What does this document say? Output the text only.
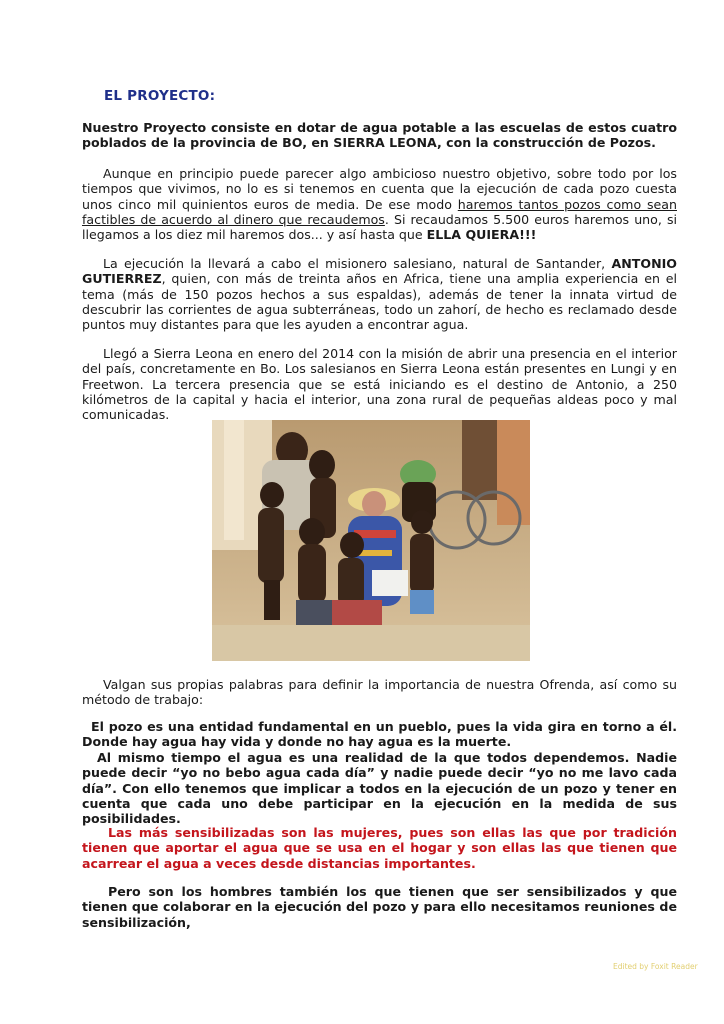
EL PROYECTO:

Nuestro Proyecto consiste en dotar de agua potable a las escuelas de estos cuatro poblados de la provincia de BO, en SIERRA LEONA, con la construcción de Pozos.

Aunque en principio puede parecer algo ambicioso nuestro objetivo, sobre todo por los tiempos que vivimos, no lo es si tenemos en cuenta que la ejecución de cada pozo cuesta unos cinco mil quinientos euros de media. De ese modo haremos tantos pozos como sean factibles de acuerdo al dinero que recaudemos. Si recaudamos 5.500 euros haremos uno, si llegamos a los diez mil haremos dos... y así hasta que ELLA QUIERA!!!

La ejecución la llevará a cabo el misionero salesiano, natural de Santander, ANTONIO GUTIERREZ, quien, con más de treinta años en Africa, tiene una amplia experiencia en el tema (más de 150 pozos hechos a sus espaldas), además de tener la innata virtud de descubrir las corrientes de agua subterráneas, todo un zahorí, de hecho es reclamado desde puntos muy distantes para que les ayuden a encontrar agua.

Llegó a Sierra Leona en enero del 2014 con la misión de abrir una presencia en el interior del país, concretamente en Bo. Los salesianos en Sierra Leona están presentes en Lungi y en Freetwon. La tercera presencia que se está iniciando es el destino de Antonio, a 250 kilómetros de la capital y hacia el interior, una zona rural de pequeñas aldeas poco y mal comunicadas.

Valgan sus propias palabras para definir la importancia de nuestra Ofrenda, así como su método de trabajo:

El pozo es una entidad fundamental en un pueblo, pues la vida gira en torno a él. Donde hay agua hay vida y donde no hay agua es la muerte.

Al mismo tiempo el agua es una realidad de la que todos dependemos. Nadie puede decir “yo no bebo agua cada día” y nadie puede decir “yo no me lavo cada día”. Con ello tenemos que implicar a todos en la ejecución de un pozo y tener en cuenta que cada uno debe participar en la ejecución en la medida de sus posibilidades.

Las más sensibilizadas son las mujeres, pues son ellas las que por tradición tienen que aportar el agua que se usa en el hogar y son ellas las que tienen que acarrear el agua a veces desde distancias importantes.

Pero son los hombres también los que tienen que ser sensibilizados y que tienen que colaborar en la ejecución del pozo y para ello necesitamos reuniones de sensibilización,

Edited by Foxit Reader
